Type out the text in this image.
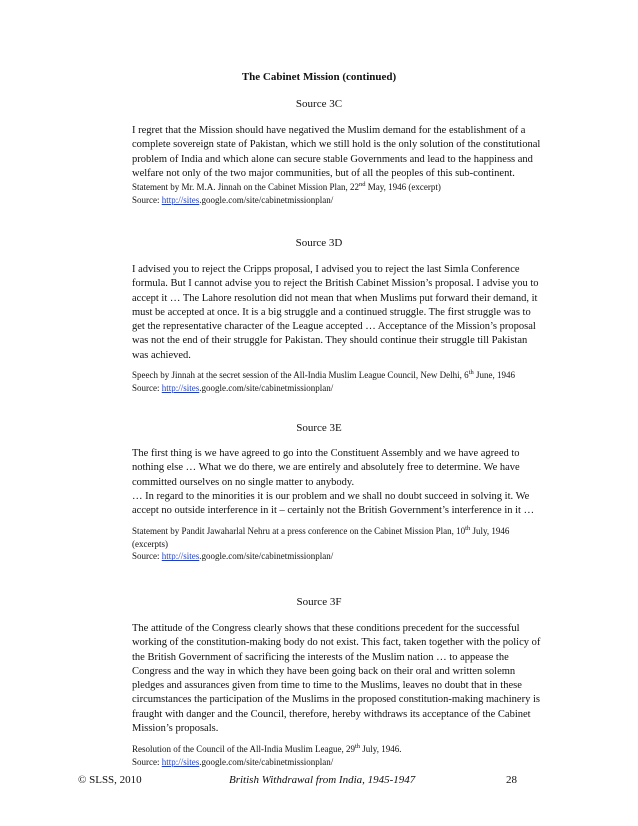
The Cabinet Mission (continued)
Source 3C

I regret that the Mission should have negatived the Muslim demand for the establishment of a complete sovereign state of Pakistan, which we still hold is the only solution of the constitutional problem of India and which alone can secure stable Governments and lead to the happiness and welfare not only of the two major communities, but of all the peoples of this sub-continent.

Statement by Mr. M.A. Jinnah on the Cabinet Mission Plan, 22nd May, 1946 (excerpt)
Source: http://sites.google.com/site/cabinetmissionplan/
Source 3D

I advised you to reject the Cripps proposal, I advised you to reject the last Simla Conference formula. But I cannot advise you to reject the British Cabinet Mission’s proposal. I advise you to accept it … The Lahore resolution did not mean that when Muslims put forward their demand, it must be accepted at once. It is a big struggle and a continued struggle. The first struggle was to get the representative character of the League accepted … Acceptance of the Mission’s proposal was not the end of their struggle for Pakistan. They should continue their struggle till Pakistan was achieved.

Speech by Jinnah at the secret session of the All-India Muslim League Council, New Delhi, 6th June, 1946
Source: http://sites.google.com/site/cabinetmissionplan/
Source 3E

The first thing is we have agreed to go into the Constituent Assembly and we have agreed to nothing else … What we do there, we are entirely and absolutely free to determine. We have committed ourselves on no single matter to anybody.

… In regard to the minorities it is our problem and we shall no doubt succeed in solving it. We accept no outside interference in it – certainly not the British Government’s interference in it …

Statement by Pandit Jawaharlal Nehru at a press conference on the Cabinet Mission Plan, 10th July, 1946 (excerpts)
Source: http://sites.google.com/site/cabinetmissionplan/
Source 3F

The attitude of the Congress clearly shows that these conditions precedent for the successful working of the constitution-making body do not exist. This fact, taken together with the policy of the British Government of sacrificing the interests of the Muslim nation … to appease the Congress and the way in which they have been going back on their oral and written solemn pledges and assurances given from time to time to the Muslims, leaves no doubt that in these circumstances the participation of the Muslims in the proposed constitution-making machinery is fraught with danger and the Council, therefore, hereby withdraws its acceptance of the Cabinet Mission’s proposals.

Resolution of the Council of the All-India Muslim League, 29th July, 1946.
Source: http://sites.google.com/site/cabinetmissionplan/
© SLSS, 2010	British Withdrawal from India, 1945-1947	28
